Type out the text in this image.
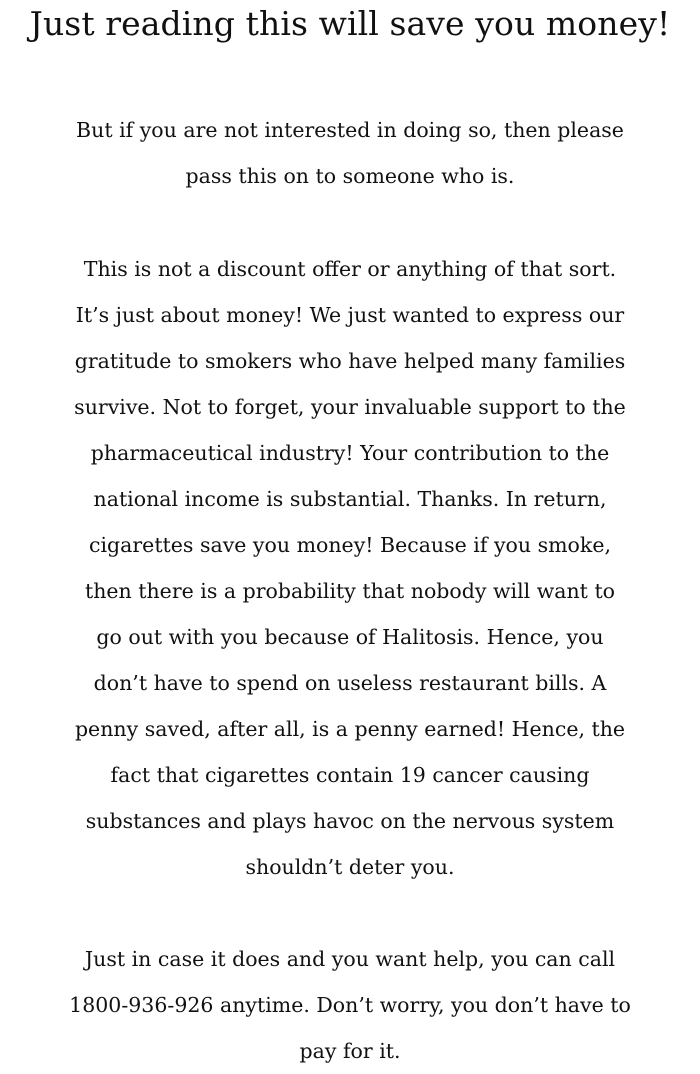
Just reading this will save you money!

But if you are not interested in doing so, then please
pass this on to someone who is.

This is not a discount offer or anything of that sort.
It’s just about money! We just wanted to express our
gratitude to smokers who have helped many families
survive. Not to forget, your invaluable support to the
pharmaceutical industry! Your contribution to the
national income is substantial. Thanks. In return,
cigarettes save you money! Because if you smoke,
then there is a probability that nobody will want to
go out with you because of Halitosis. Hence, you
don’t have to spend on useless restaurant bills. A
penny saved, after all, is a penny earned! Hence, the
fact that cigarettes contain 19 cancer causing
substances and plays havoc on the nervous system
shouldn’t deter you.

Just in case it does and you want help, you can call
1800-936-926 anytime. Don’t worry, you don’t have to
pay for it.
